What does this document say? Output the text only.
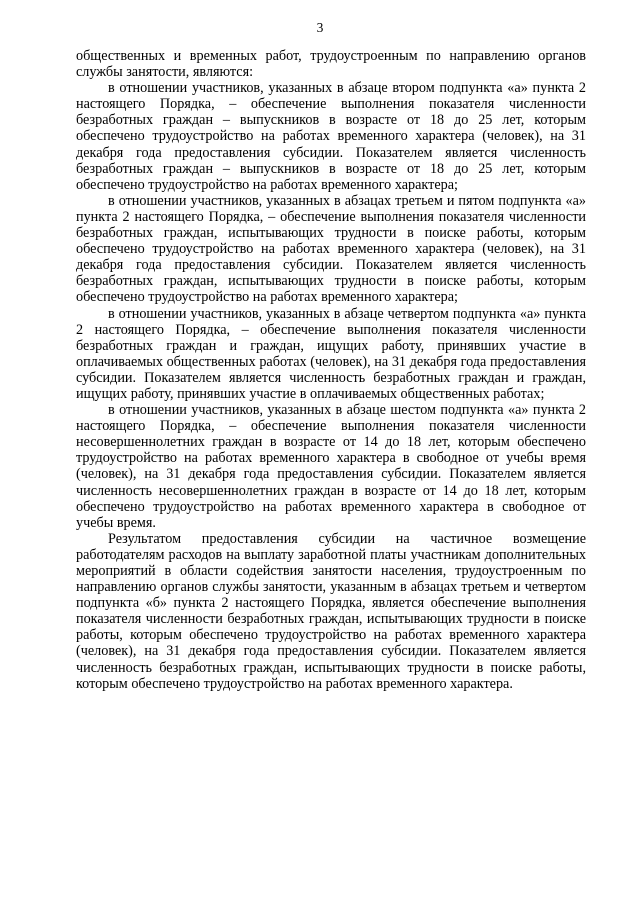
3

общественных и временных работ, трудоустроенным по направлению органов службы занятости, являются:

в отношении участников, указанных в абзаце втором подпункта «а» пункта 2 настоящего Порядка, – обеспечение выполнения показателя численности безработных граждан – выпускников в возрасте от 18 до 25 лет, которым обеспечено трудоустройство на работах временного характера (человек), на 31 декабря года предоставления субсидии. Показателем является численность безработных граждан – выпускников в возрасте от 18 до 25 лет, которым обеспечено трудоустройство на работах временного характера;

в отношении участников, указанных в абзацах третьем и пятом подпункта «а» пункта 2 настоящего Порядка, – обеспечение выполнения показателя численности безработных граждан, испытывающих трудности в поиске работы, которым обеспечено трудоустройство на работах временного характера (человек), на 31 декабря года предоставления субсидии. Показателем является численность безработных граждан, испытывающих трудности в поиске работы, которым обеспечено трудоустройство на работах временного характера;

в отношении участников, указанных в абзаце четвертом подпункта «а» пункта 2 настоящего Порядка, – обеспечение выполнения показателя численности безработных граждан и граждан, ищущих работу, принявших участие в оплачиваемых общественных работах (человек), на 31 декабря года предоставления субсидии. Показателем является численность безработных граждан и граждан, ищущих работу, принявших участие в оплачиваемых общественных работах;

в отношении участников, указанных в абзаце шестом подпункта «а» пункта 2 настоящего Порядка, – обеспечение выполнения показателя численности несовершеннолетних граждан в возрасте от 14 до 18 лет, которым обеспечено трудоустройство на работах временного характера в свободное от учебы время (человек), на 31 декабря года предоставления субсидии. Показателем является численность несовершеннолетних граждан в возрасте от 14 до 18 лет, которым обеспечено трудоустройство на работах временного характера в свободное от учебы время.

Результатом предоставления субсидии на частичное возмещение работодателям расходов на выплату заработной платы участникам дополнительных мероприятий в области содействия занятости населения, трудоустроенным по направлению органов службы занятости, указанным в абзацах третьем и четвертом подпункта «б» пункта 2 настоящего Порядка, является обеспечение выполнения показателя численности безработных граждан, испытывающих трудности в поиске работы, которым обеспечено трудоустройство на работах временного характера (человек), на 31 декабря года предоставления субсидии. Показателем является численность безработных граждан, испытывающих трудности в поиске работы, которым обеспечено трудоустройство на работах временного характера.
